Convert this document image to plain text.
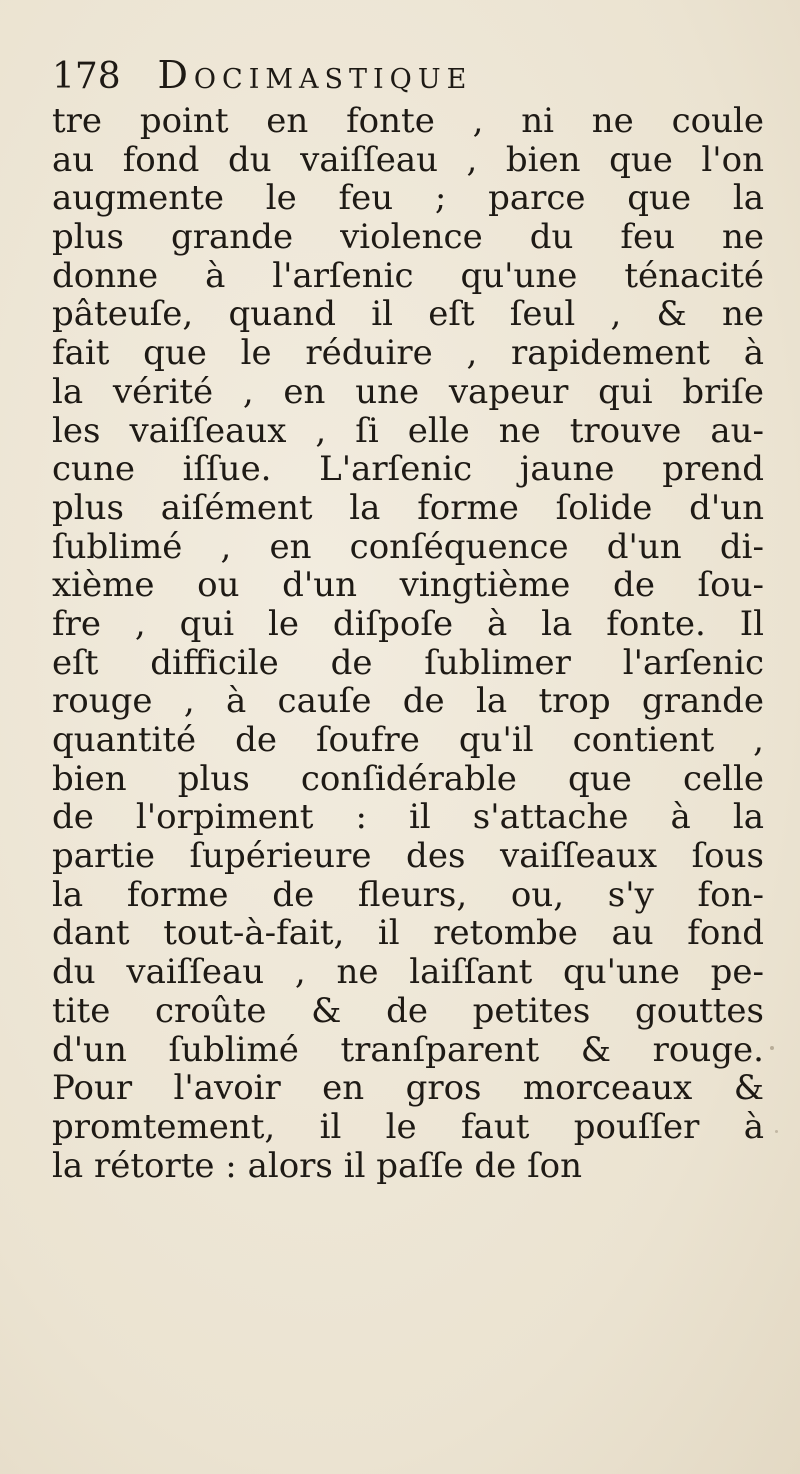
178 Docimastique
tre point en fonte , ni ne coule
au fond du vaiſſeau , bien que l'on
augmente le feu ; parce que la
plus grande violence du feu ne
donne à l'arſenic qu'une ténacité
pâteuſe, quand il eſt ſeul , & ne
fait que le réduire , rapidement à
la vérité , en une vapeur qui briſe
les vaiſſeaux , ſi elle ne trouve au-
cune iſſue. L'arſenic jaune prend
plus aiſément la forme ſolide d'un
ſublimé , en conſéquence d'un di-
xième ou d'un vingtième de ſou-
fre , qui le diſpoſe à la fonte. Il
eſt difficile de ſublimer l'arſenic
rouge , à cauſe de la trop grande
quantité de ſoufre qu'il contient ,
bien plus conſidérable que celle
de l'orpiment : il s'attache à la
partie ſupérieure des vaiſſeaux ſous
la forme de fleurs, ou, s'y fon-
dant tout-à-fait, il retombe au fond
du vaiſſeau , ne laiſſant qu'une pe-
tite croûte & de petites gouttes
d'un ſublimé tranſparent & rouge.
Pour l'avoir en gros morceaux &
promtement, il le faut pouſſer à
la rétorte : alors il paſſe de ſon
